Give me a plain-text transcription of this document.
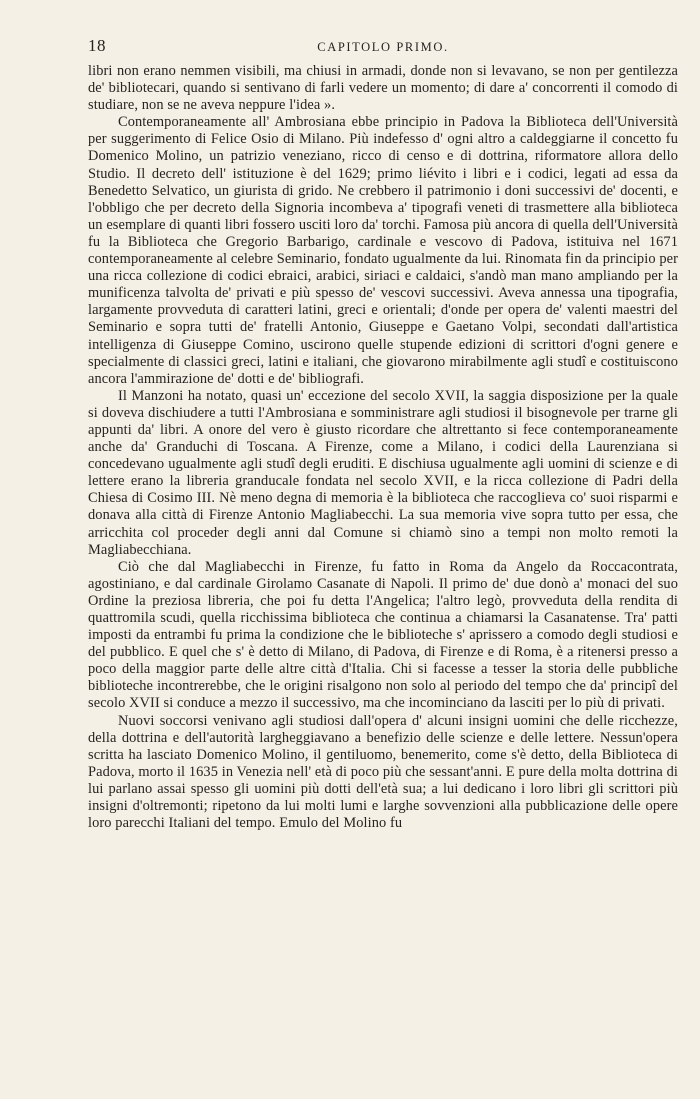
18	CAPITOLO PRIMO.

libri non erano nemmen visibili, ma chiusi in armadi, donde non si levavano, se non per gentilezza de' bibliotecari, quando si sentivano di farli vedere un momento; di dare a' concorrenti il comodo di studiare, non se ne aveva neppure l'idea ».

Contemporaneamente all' Ambrosiana ebbe principio in Padova la Biblioteca dell'Università per suggerimento di Felice Osio di Milano. Più indefesso d' ogni altro a caldeggiarne il concetto fu Domenico Molino, un patrizio veneziano, ricco di censo e di dottrina, riformatore allora dello Studio. Il decreto dell' istituzione è del 1629; primo liévito i libri e i codici, legati ad essa da Benedetto Selvatico, un giurista di grido. Ne crebbero il patrimonio i doni successivi de' docenti, e l'obbligo che per decreto della Signoria incombeva a' tipografi veneti di trasmettere alla biblioteca un esemplare di quanti libri fossero usciti loro da' torchi. Famosa più ancora di quella dell'Università fu la Biblioteca che Gregorio Barbarigo, cardinale e vescovo di Padova, istituiva nel 1671 contemporaneamente al celebre Seminario, fondato ugualmente da lui. Rinomata fin da principio per una ricca collezione di codici ebraici, arabici, siriaci e caldaici, s'andò man mano ampliando per la munificenza talvolta de' privati e più spesso de' vescovi successivi. Aveva annessa una tipografia, largamente provveduta di caratteri latini, greci e orientali; d'onde per opera de' valenti maestri del Seminario e sopra tutti de' fratelli Antonio, Giuseppe e Gaetano Volpi, secondati dall'artistica intelligenza di Giuseppe Comino, uscirono quelle stupende edizioni di scrittori d'ogni genere e specialmente di classici greci, latini e italiani, che giovarono mirabilmente agli studî e costituiscono ancora l'ammirazione de' dotti e de' bibliografi.

Il Manzoni ha notato, quasi un' eccezione del secolo XVII, la saggia disposizione per la quale si doveva dischiudere a tutti l'Ambrosiana e somministrare agli studiosi il bisognevole per trarne gli appunti da' libri. A onore del vero è giusto ricordare che altrettanto si fece contemporaneamente anche da' Granduchi di Toscana. A Firenze, come a Milano, i codici della Laurenziana si concedevano ugualmente agli studî degli eruditi. E dischiusa ugualmente agli uomini di scienze e di lettere erano la libreria granducale fondata nel secolo XVII, e la ricca collezione di Padri della Chiesa di Cosimo III. Nè meno degna di memoria è la biblioteca che raccoglieva co' suoi risparmi e donava alla città di Firenze Antonio Magliabecchi. La sua memoria vive sopra tutto per essa, che arricchita col proceder degli anni dal Comune si chiamò sino a tempi non molto remoti la Magliabecchiana.

Ciò che dal Magliabecchi in Firenze, fu fatto in Roma da Angelo da Roccacontrata, agostiniano, e dal cardinale Girolamo Casanate di Napoli. Il primo de' due donò a' monaci del suo Ordine la preziosa libreria, che poi fu detta l'Angelica; l'altro legò, provveduta della rendita di quattromila scudi, quella ricchissima biblioteca che continua a chiamarsi la Casanatense. Tra' patti imposti da entrambi fu prima la condizione che le biblioteche s' aprissero a comodo degli studiosi e del pubblico. E quel che s' è detto di Milano, di Padova, di Firenze e di Roma, è a ritenersi presso a poco della maggior parte delle altre città d'Italia. Chi si facesse a tesser la storia delle pubbliche biblioteche incontrerebbe, che le origini risalgono non solo al periodo del tempo che da' principî del secolo XVII si conduce a mezzo il successivo, ma che incominciano da lasciti per lo più di privati.

Nuovi soccorsi venivano agli studiosi dall'opera d' alcuni insigni uomini che delle ricchezze, della dottrina e dell'autorità largheggiavano a benefizio delle scienze e delle lettere. Nessun'opera scritta ha lasciato Domenico Molino, il gentiluomo, benemerito, come s'è detto, della Biblioteca di Padova, morto il 1635 in Venezia nell' età di poco più che sessant'anni. E pure della molta dottrina di lui parlano assai spesso gli uomini più dotti dell'età sua; a lui dedicano i loro libri gli scrittori più insigni d'oltremonti; ripetono da lui molti lumi e larghe sovvenzioni alla pubblicazione delle opere loro parecchi Italiani del tempo. Emulo del Molino fu
